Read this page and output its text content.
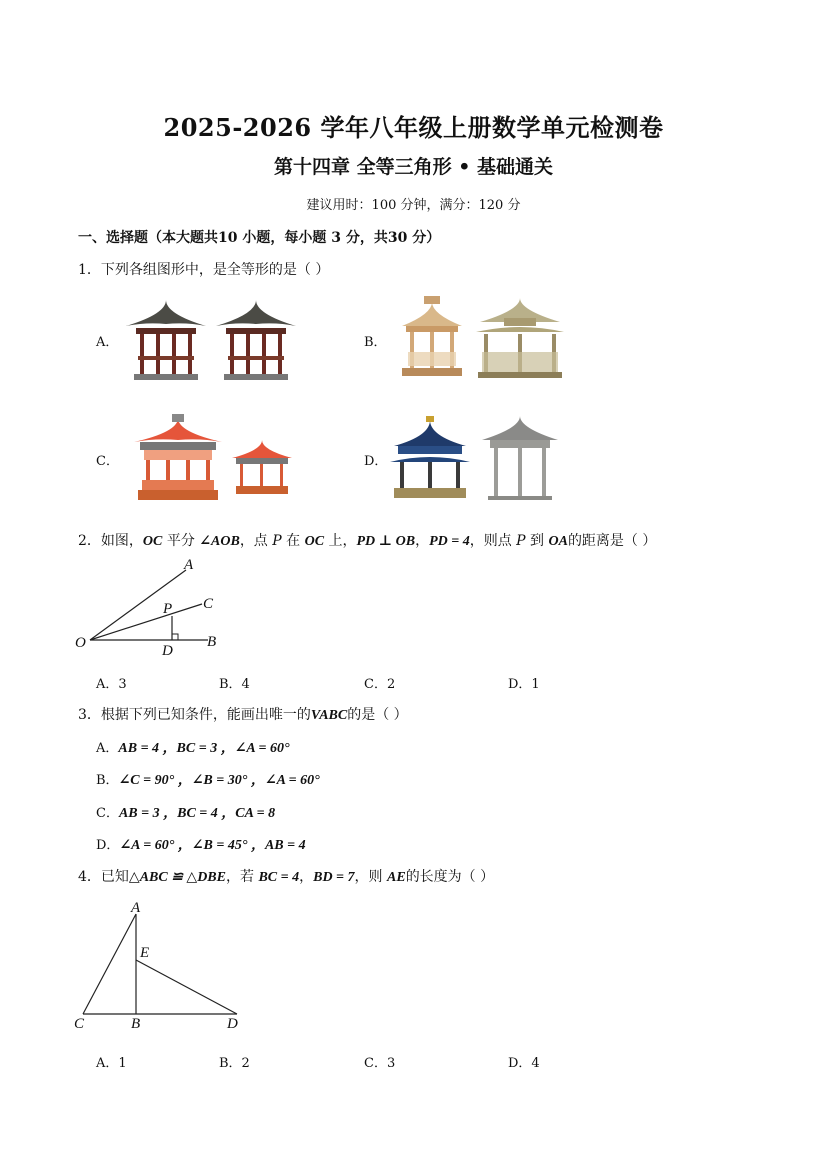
2025-2026 学年八年级上册数学单元检测卷
第十四章 全等三角形 • 基础通关
建议用时：100 分钟，满分：120 分
一、选择题（本大题共10 小题，每小题 3 分，共30 分）
1．下列各组图形中，是全等形的是（ ）
A．	B．
C．	D．
2．如图，OC 平分 ∠AOB，点 P 在 OC 上，PD ⊥ OB，PD = 4，则点 P 到 OA的距离是（ ）
A
C
P
O	D
B
A．3	B．4	C．2	D．1
3．根据下列已知条件，能画出唯一的VABC的是（ ）
A．AB = 4 ，BC = 3 ，∠A = 60°
B．∠C = 90° ，∠B = 30° ，∠A = 60°
C．AB = 3 ，BC = 4 ，CA = 8
D．∠A = 60° ，∠B = 45° ，AB = 4
4．已知△ABC ≌ △DBE，若 BC = 4，BD = 7，则 AE的长度为（ ）
A
E
C	B	D
A．1	B．2	C．3	D．4
